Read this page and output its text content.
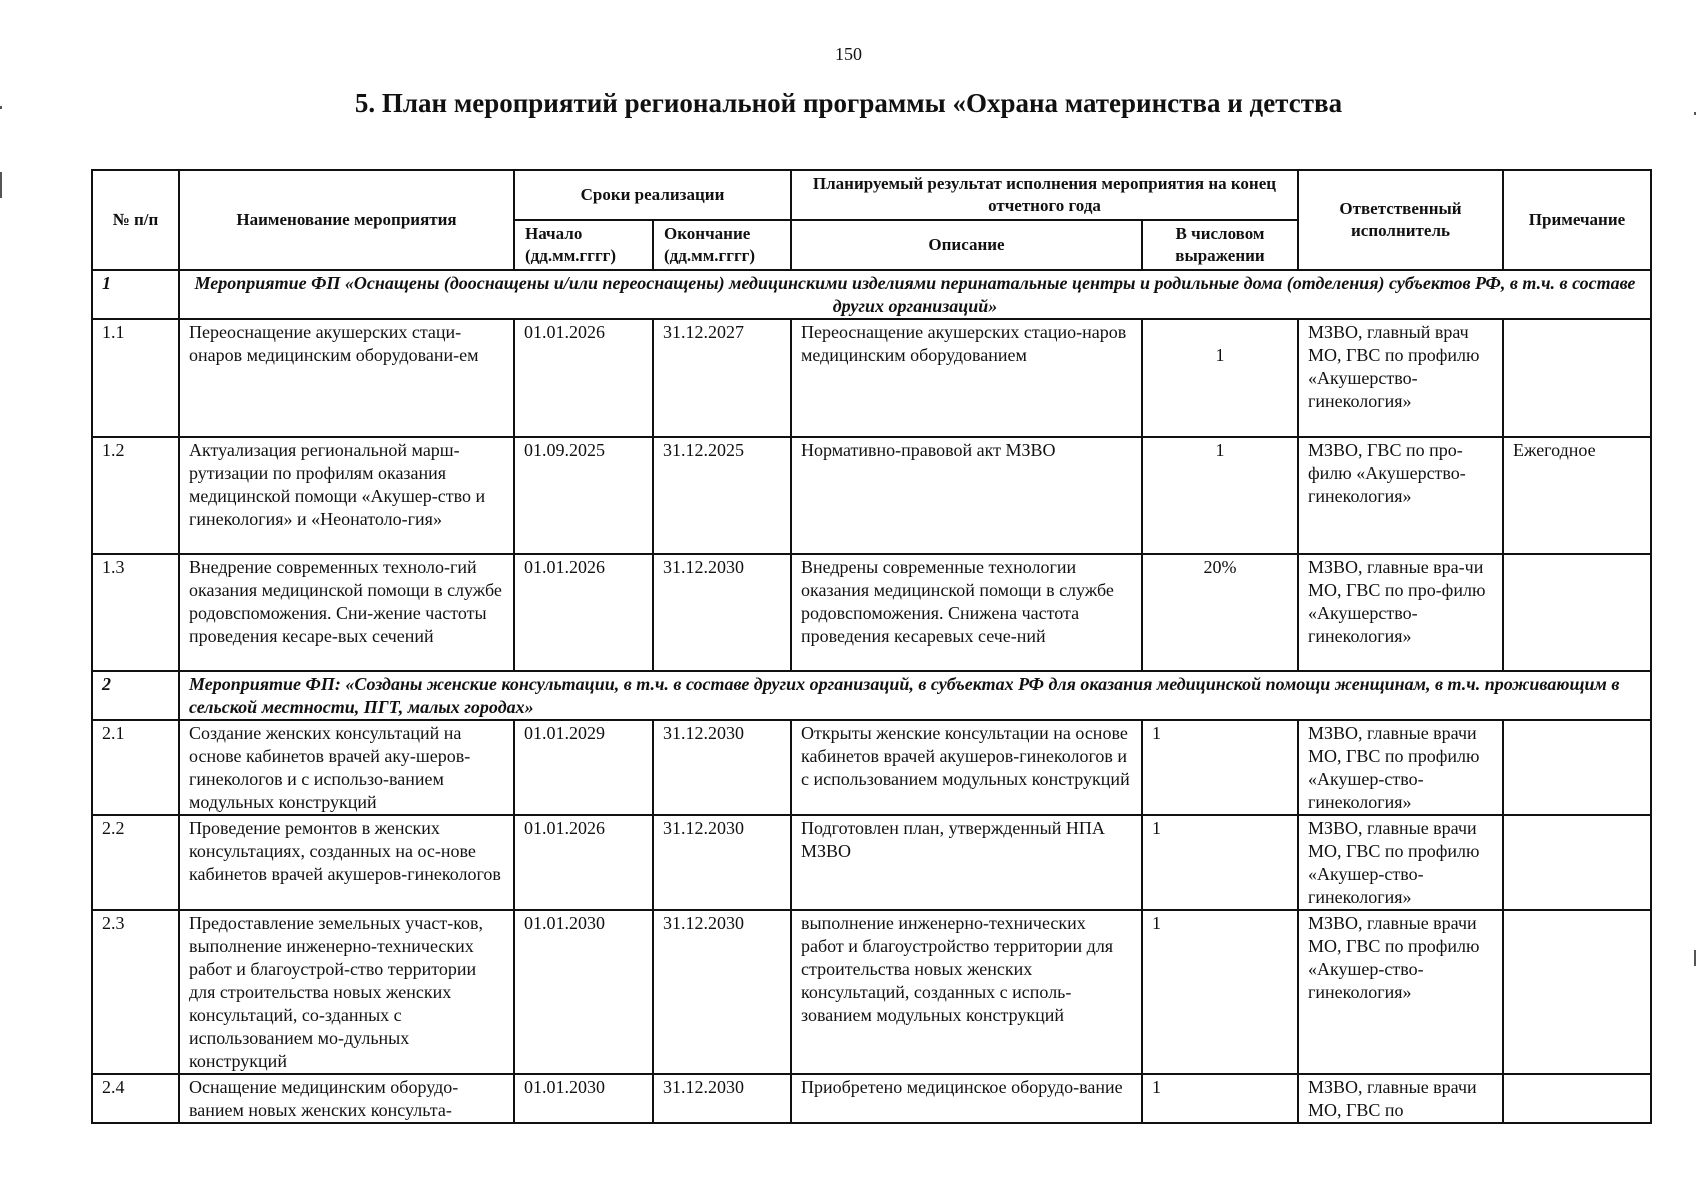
150
5. План мероприятий региональной программы «Охрана материнства и детства
№ п/п	Наименование мероприятия	Сроки реализации		Планируемый результат исполнения мероприятия на конец отчетного года		Ответственный исполнитель	Примечание
		Начало (дд.мм.гггг)	Окончание (дд.мм.гггг)	Описание	В числовом выражении		
1	Мероприятие ФП «Оснащены (дооснащены и/или переоснащены) медицинскими изделиями перинатальные центры и родильные дома (отделения) субъектов РФ, в т.ч. в составе других организаций»						
1.1	Переоснащение акушерских стаци-онаров медицинским оборудовани-ем	01.01.2026	31.12.2027	Переоснащение акушерских стацио-наров медицинским оборудованием	1	МЗВО, главный врач МО, ГВС по профилю «Акушерство-гинекология»	
1.2	Актуализация региональной марш-рутизации по профилям оказания медицинской помощи «Акушер-ство и гинекология» и «Неонатоло-гия»	01.09.2025	31.12.2025	Нормативно-правовой акт МЗВО	1	МЗВО, ГВС по про-филю «Акушерство-гинекология»	Ежегодное
1.3	Внедрение современных техноло-гий оказания медицинской помощи в службе родовспоможения. Сни-жение частоты проведения кесаре-вых сечений	01.01.2026	31.12.2030	Внедрены современные технологии оказания медицинской помощи в службе родовспоможения. Снижена частота проведения кесаревых сече-ний	20%	МЗВО, главные вра-чи МО, ГВС по про-филю «Акушерство-гинекология»	
2	Мероприятие ФП: «Созданы женские консультации, в т.ч. в составе других организаций, в субъектах РФ для оказания медицинской помощи женщинам, в т.ч. проживающим в сельской местности, ПГТ, малых городах»						
2.1	Создание женских консультаций на основе кабинетов врачей аку-шеров-гинекологов и с использо-ванием модульных конструкций	01.01.2029	31.12.2030	Открыты женские консультации на основе кабинетов врачей акушеров-гинекологов и с использованием модульных конструкций	1	МЗВО, главные врачи МО, ГВС по профилю «Акушер-ство-гинекология»	
2.2	Проведение ремонтов в женских консультациях, созданных на ос-нове кабинетов врачей акушеров-гинекологов	01.01.2026	31.12.2030	Подготовлен план, утвержденный НПА МЗВО	1	МЗВО, главные врачи МО, ГВС по профилю «Акушер-ство-гинекология»	
2.3	Предоставление земельных участ-ков, выполнение инженерно-технических работ и благоустрой-ство территории для строительства новых женских консультаций, со-зданных с использованием мо-дульных конструкций	01.01.2030	31.12.2030	выполнение инженерно-технических работ и благоустройство территории для строительства новых женских консультаций, созданных с исполь-зованием модульных конструкций	1	МЗВО, главные врачи МО, ГВС по профилю «Акушер-ство-гинекология»	
2.4	Оснащение медицинским оборудо-ванием новых женских консульта-	01.01.2030	31.12.2030	Приобретено медицинское оборудо-вание	1	МЗВО, главные врачи МО, ГВС по	
